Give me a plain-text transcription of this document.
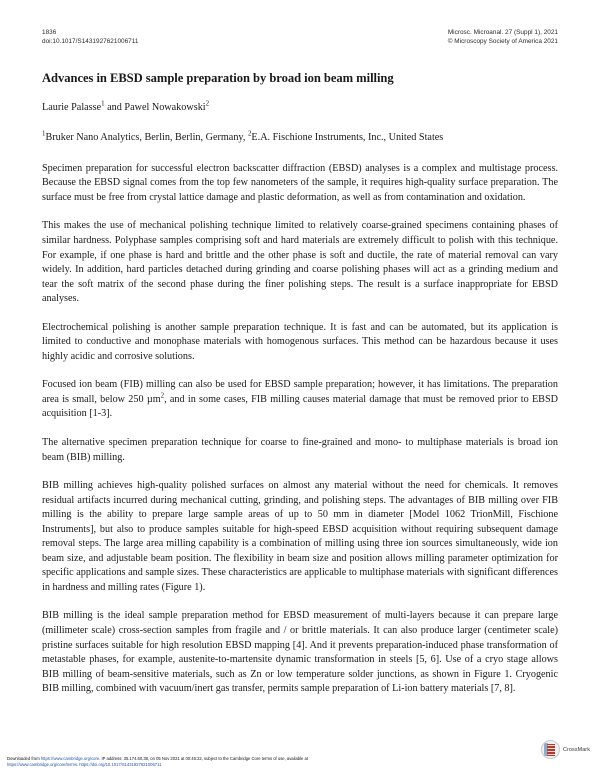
1836
doi:10.1017/S1431927621006711
Microsc. Microanal. 27 (Suppl 1), 2021
© Microscopy Society of America 2021
Advances in EBSD sample preparation by broad ion beam milling
Laurie Palasse$^1$ and Pawel Nowakowski$^2$
$^1$Bruker Nano Analytics, Berlin, Berlin, Germany, $^2$E.A. Fischione Instruments, Inc., United States

Specimen preparation for successful electron backscatter diffraction (EBSD) analyses is a complex and multistage process. Because the EBSD signal comes from the top few nanometers of the sample, it requires high-quality surface preparation. The surface must be free from crystal lattice damage and plastic deformation, as well as from contamination and oxidation.

This makes the use of mechanical polishing technique limited to relatively coarse-grained specimens containing phases of similar hardness. Polyphase samples comprising soft and hard materials are extremely difficult to polish with this technique. For example, if one phase is hard and brittle and the other phase is soft and ductile, the rate of material removal can vary widely. In addition, hard particles detached during grinding and coarse polishing phases will act as a grinding medium and tear the soft matrix of the second phase during the finer polishing steps. The result is a surface inappropriate for EBSD analyses.

Electrochemical polishing is another sample preparation technique. It is fast and can be automated, but its application is limited to conductive and monophase materials with homogenous surfaces. This method can be hazardous because it uses highly acidic and corrosive solutions.

Focused ion beam (FIB) milling can also be used for EBSD sample preparation; however, it has limitations. The preparation area is small, below 250 µm$^2$, and in some cases, FIB milling causes material damage that must be removed prior to EBSD acquisition [1-3].

The alternative specimen preparation technique for coarse to fine-grained and mono- to multiphase materials is broad ion beam (BIB) milling.

BIB milling achieves high-quality polished surfaces on almost any material without the need for chemicals. It removes residual artifacts incurred during mechanical cutting, grinding, and polishing steps. The advantages of BIB milling over FIB milling is the ability to prepare large sample areas of up to 50 mm in diameter [Model 1062 TrionMill, Fischione Instruments], but also to produce samples suitable for high-speed EBSD acquisition without requiring subsequent damage removal steps. The large area milling capability is a combination of milling using three ion sources simultaneously, wide ion beam size, and adjustable beam position. The flexibility in beam size and position allows milling parameter optimization for specific applications and sample sizes. These characteristics are applicable to multiphase materials with significant differences in hardness and milling rates (Figure 1).

BIB milling is the ideal sample preparation method for EBSD measurement of multi-layers because it can prepare large (millimeter scale) cross-section samples from fragile and / or brittle materials. It can also produce larger (centimeter scale) pristine surfaces suitable for high resolution EBSD mapping [4]. And it prevents preparation-induced phase transformation of metastable phases, for example, austenite-to-martensite dynamic transformation in steels [5, 6]. Use of a cryo stage allows BIB milling of beam-sensitive materials, such as Zn or low temperature solder junctions, as shown in Figure 1. Cryogenic BIB milling, combined with vacuum/inert gas transfer, permits sample preparation of Li-ion battery materials [7, 8].

Downloaded from https://www.cambridge.org/core. IP address: 35.174.60.38, on 05 Nov 2021 at 00:45:22, subject to the Cambridge Core terms of use, available at
https://www.cambridge.org/core/terms. https://doi.org/10.1017/S1431927621006711
CrossMark
